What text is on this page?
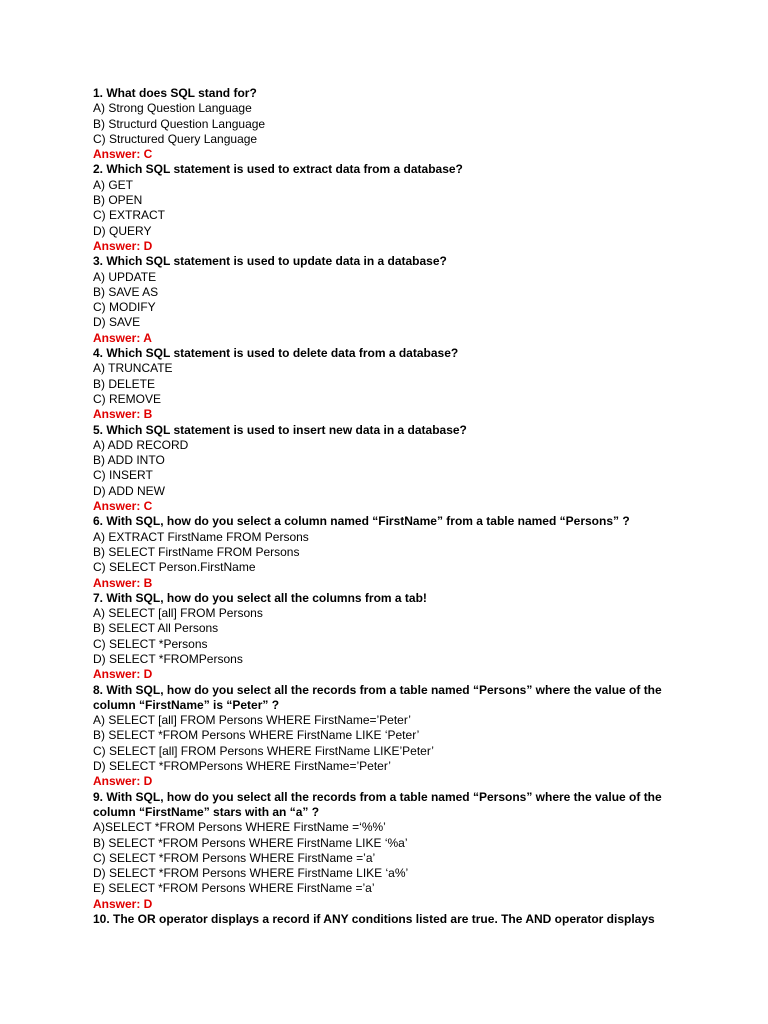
1. What does SQL stand for?
A) Strong Question Language
B) Structurd Question Language
C) Structured Query Language
Answer: C
2. Which SQL statement is used to extract data from a database?
A) GET
B) OPEN
C) EXTRACT
D) QUERY
Answer: D
3. Which SQL statement is used to update data in a database?
A) UPDATE
B) SAVE AS
C) MODIFY
D) SAVE
Answer: A
4. Which SQL statement is used to delete data from a database?
A) TRUNCATE
B) DELETE
C) REMOVE
Answer: B
5. Which SQL statement is used to insert new data in a database?
A) ADD RECORD
B) ADD INTO
C) INSERT
D) ADD NEW
Answer: C
6. With SQL, how do you select a column named “FirstName” from a table named “Persons” ?
A) EXTRACT FirstName FROM Persons
B) SELECT FirstName FROM Persons
C) SELECT Person.FirstName
Answer: B
7. With SQL, how do you select all the columns from a tab!
A) SELECT [all] FROM Persons
B) SELECT All Persons
C) SELECT *Persons
D) SELECT *FROMPersons
Answer: D
8. With SQL, how do you select all the records from a table named “Persons” where the value of the column “FirstName” is “Peter” ?
A) SELECT [all] FROM Persons WHERE FirstName=’Peter’
B) SELECT *FROM Persons WHERE FirstName LIKE ‘Peter’
C) SELECT [all] FROM Persons WHERE FirstName LIKE’Peter’
D) SELECT *FROMPersons WHERE FirstName=’Peter’
Answer: D
9. With SQL, how do you select all the records from a table named “Persons” where the value of the column “FirstName” stars with an “a” ?
A)SELECT *FROM Persons WHERE FirstName =‘%%’
B) SELECT *FROM Persons WHERE FirstName LIKE ‘%a’
C) SELECT *FROM Persons WHERE FirstName =’a’
D) SELECT *FROM Persons WHERE FirstName LIKE ‘a%’
E) SELECT *FROM Persons WHERE FirstName =’a’
Answer: D
10. The OR operator displays a record if ANY conditions listed are true. The AND operator displays
